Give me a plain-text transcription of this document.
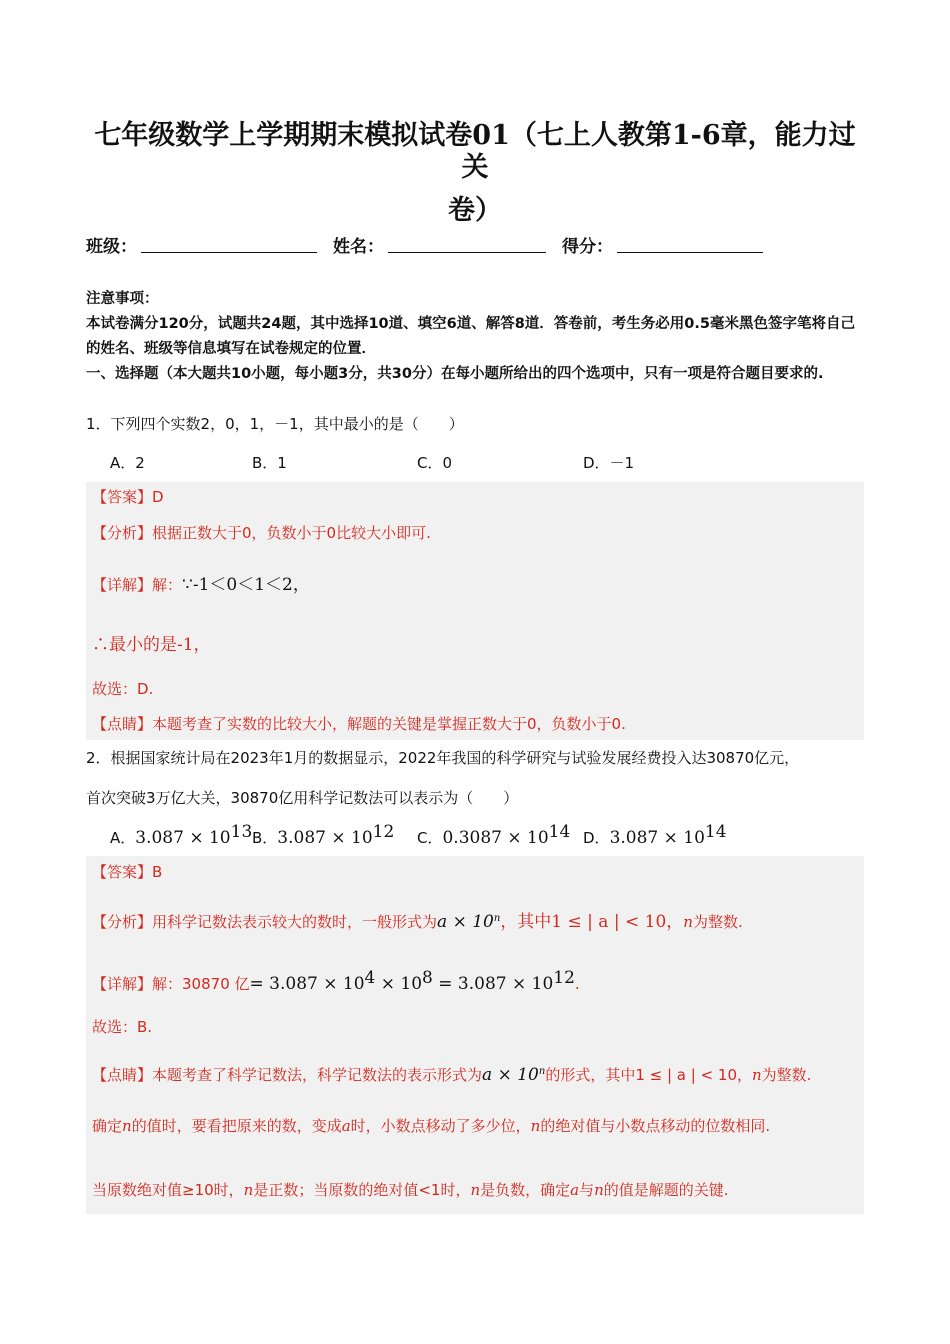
七年级数学上学期期末模拟试卷01（七上人教第1-6章，能力过关
卷）
班级：	姓名：	得分：
注意事项：
本试卷满分120分，试题共24题，其中选择10道、填空6道、解答8道．答卷前，考生务必用0.5毫米黑色签字笔将自己的姓名、班级等信息填写在试卷规定的位置．
一、选择题（本大题共10小题，每小题3分，共30分）在每小题所给出的四个选项中，只有一项是符合题目要求的.
1．下列四个实数2，0，1，－1，其中最小的是（　　）
A．2	B．1	C．0	D．－1
【答案】D
【分析】根据正数大于0，负数小于0比较大小即可.
【详解】解：∵-1＜0＜1＜2，
∴最小的是-1，
故选：D.
【点睛】本题考查了实数的比较大小，解题的关键是掌握正数大于0，负数小于0.
2．根据国家统计局在2023年1月的数据显示，2022年我国的科学研究与试验发展经费投入达30870亿元，
首次突破3万亿大关，30870亿用科学记数法可以表示为（　　）
A．$3.087 \times 10^{13}$ B．$3.087 \times 10^{12}$ C．$0.3087 \times 10^{14}$ D．$3.087 \times 10^{14}$
【答案】B
【分析】用科学记数法表示较大的数时，一般形式为$a \times 10^n$，其中1 ≤ | a | < 10，n为整数.
【详解】解：30870 亿= $3.087 \times 10^4 \times 10^8 = 3.087 \times 10^{12}$.
故选：B.
【点睛】本题考查了科学记数法，科学记数法的表示形式为$a \times 10^n$的形式，其中1 ≤ | a | < 10，n为整数.
确定n的值时，要看把原来的数，变成a时，小数点移动了多少位，n的绝对值与小数点移动的位数相同.
当原数绝对值≥10时，n是正数；当原数的绝对值<1时，n是负数，确定a与n的值是解题的关键.
